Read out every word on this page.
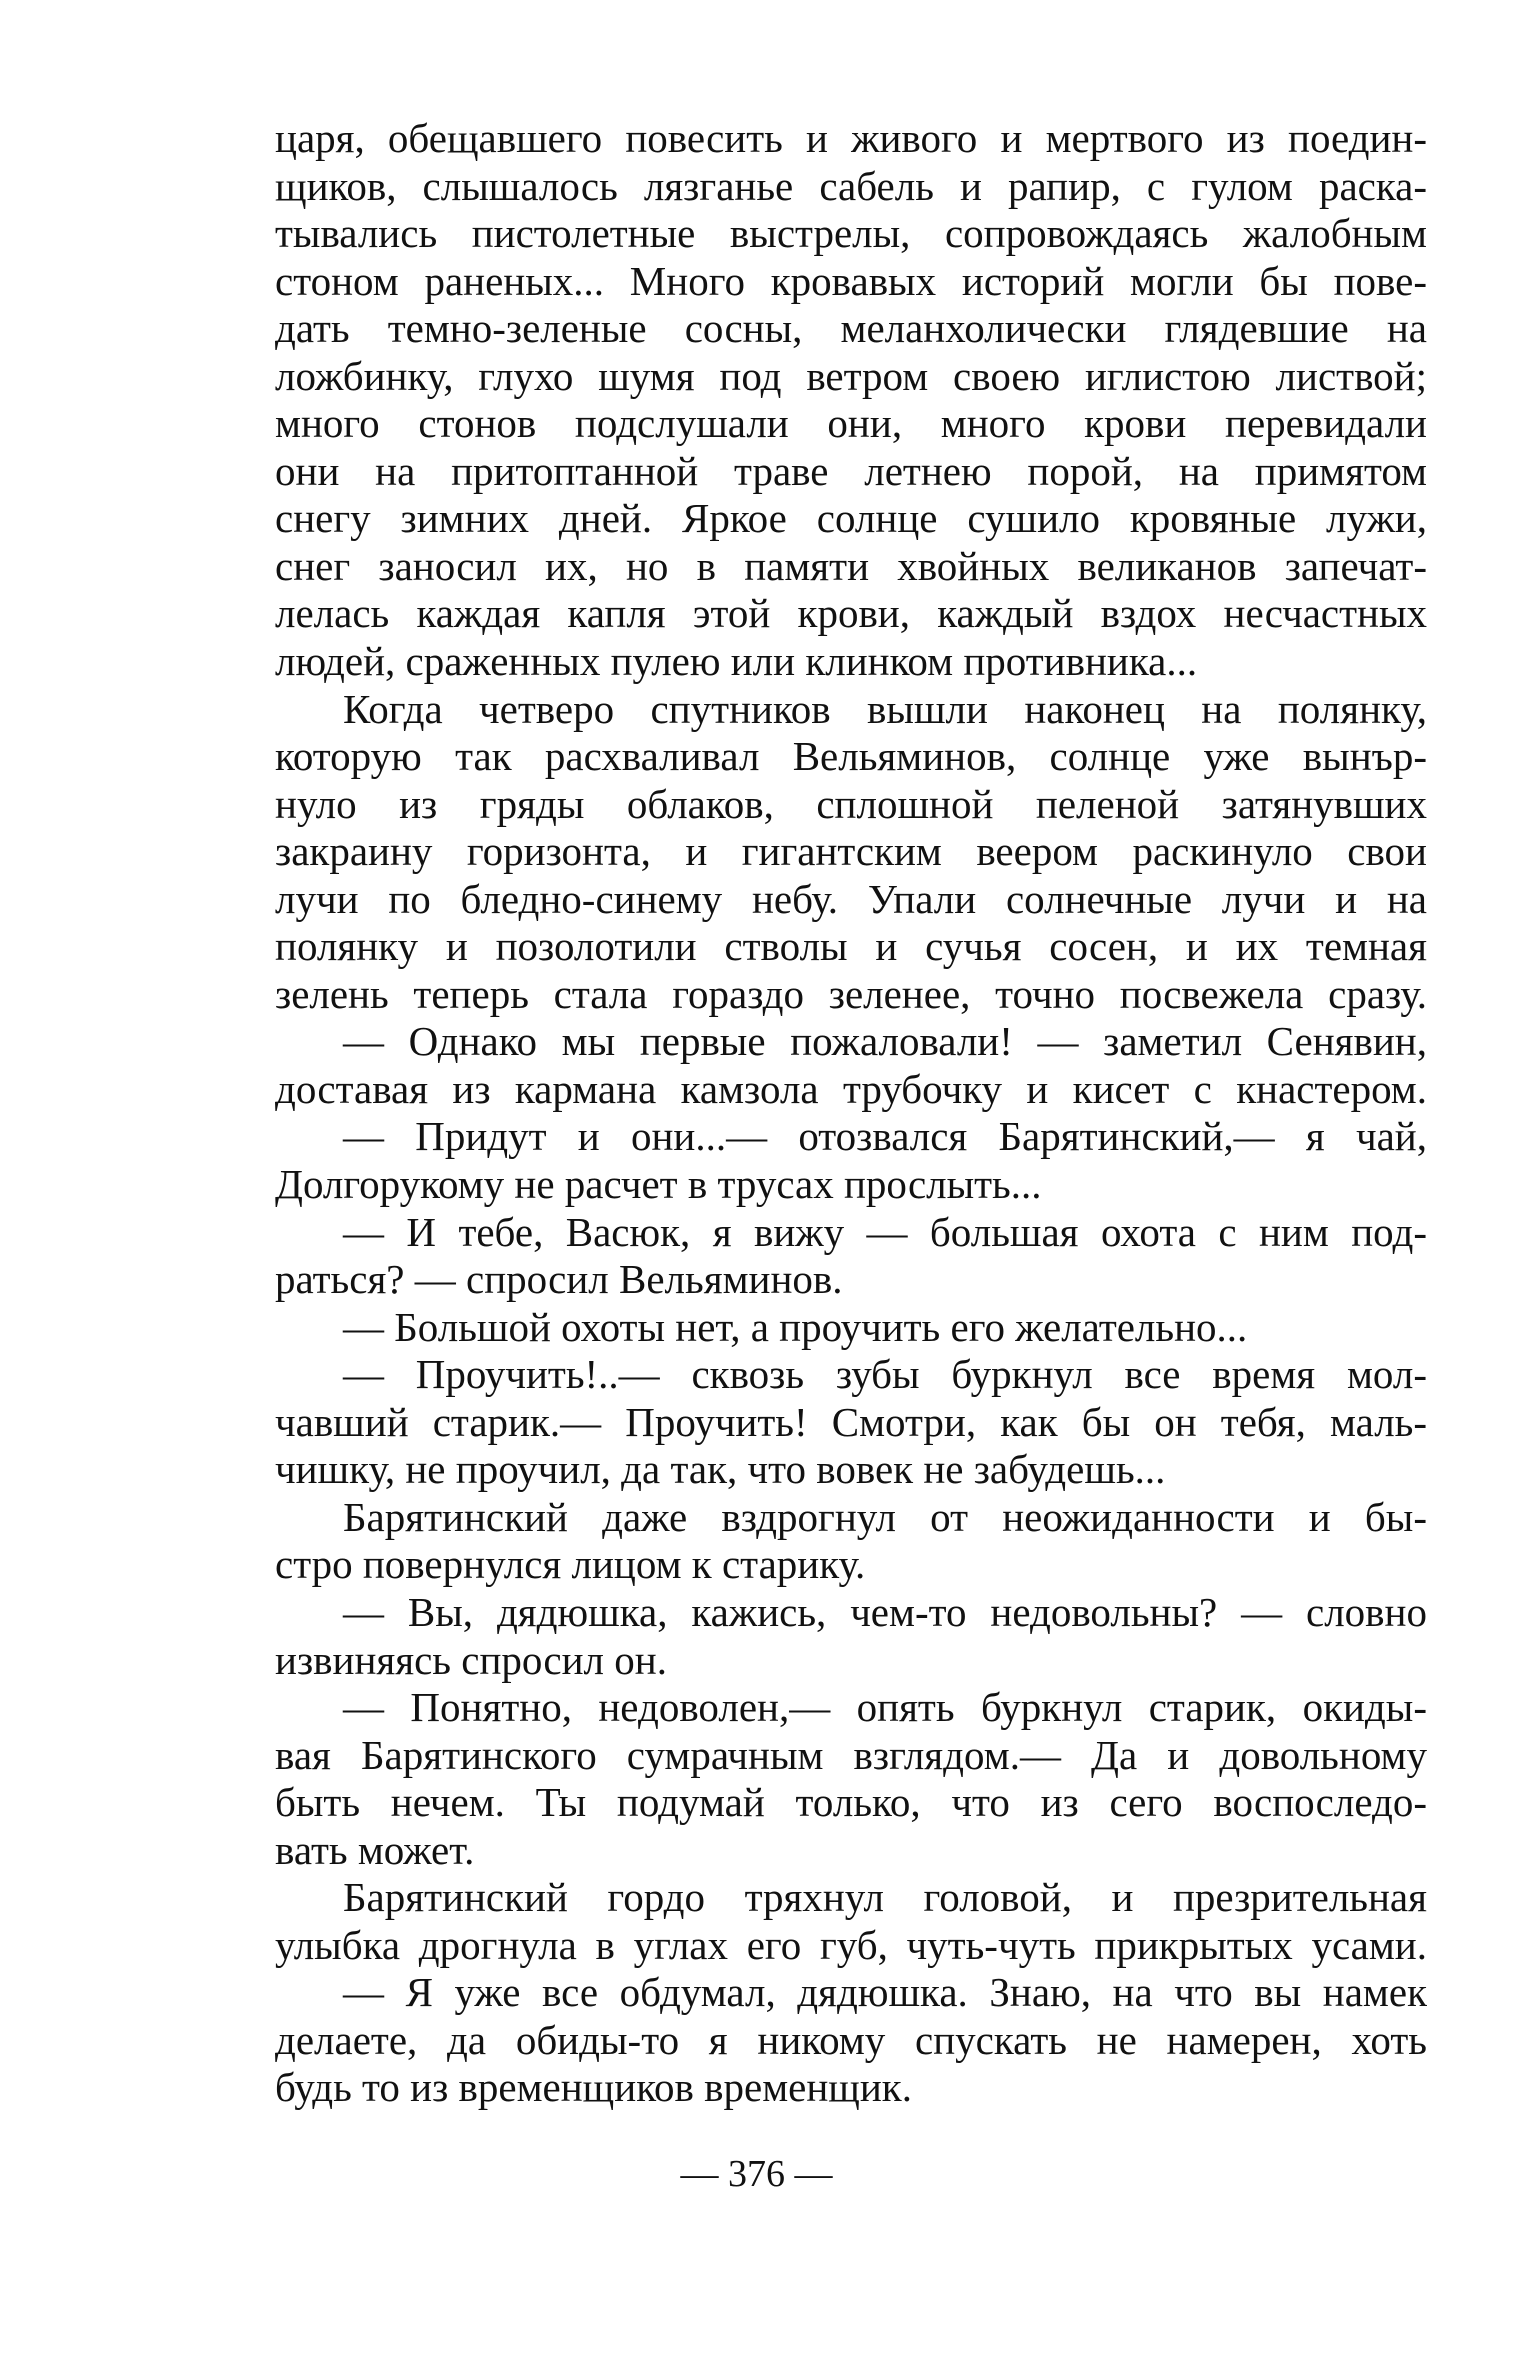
царя, обещавшего повесить и живого и мертвого из поедин-
щиков, слышалось лязганье сабель и рапир, с гулом раска-
тывались пистолетные выстрелы, сопровождаясь жалобным
стоном раненых... Много кровавых историй могли бы пове-
дать темно-зеленые сосны, меланхолически глядевшие на
ложбинку, глухо шумя под ветром своею иглистою листвой;
много стонов подслушали они, много крови перевидали
они на притоптанной траве летнею порой, на примятом
снегу зимних дней. Яркое солнце сушило кровяные лужи,
снег заносил их, но в памяти хвойных великанов запечат-
лелась каждая капля этой крови, каждый вздох несчастных
людей, сраженных пулею или клинком противника...
Когда четверо спутников вышли наконец на полянку,
которую так расхваливал Вельяминов, солнце уже вынър-
нуло из гряды облаков, сплошной пеленой затянувших
закраину горизонта, и гигантским веером раскинуло свои
лучи по бледно-синему небу. Упали солнечные лучи и на
полянку и позолотили стволы и сучья сосен, и их темная
зелень теперь стала гораздо зеленее, точно посвежела сразу.
— Однако мы первые пожаловали! — заметил Сенявин,
доставая из кармана камзола трубочку и кисет с кнастером.
— Придут и они...— отозвался Барятинский,— я чай,
Долгорукому не расчет в трусах прослыть...
— И тебе, Васюк, я вижу — большая охота с ним под-
раться? — спросил Вельяминов.
— Большой охоты нет, а проучить его желательно...
— Проучить!..— сквозь зубы буркнул все время мол-
чавший старик.— Проучить! Смотри, как бы он тебя, маль-
чишку, не проучил, да так, что вовек не забудешь...
Барятинский даже вздрогнул от неожиданности и бы-
стро повернулся лицом к старику.
— Вы, дядюшка, кажись, чем-то недовольны? — словно
извиняясь спросил он.
— Понятно, недоволен,— опять буркнул старик, окиды-
вая Барятинского сумрачным взглядом.— Да и довольному
быть нечем. Ты подумай только, что из сего воспоследо-
вать может.
Барятинский гордо тряхнул головой, и презрительная
улыбка дрогнула в углах его губ, чуть-чуть прикрытых усами.
— Я уже все обдумал, дядюшка. Знаю, на что вы намек
делаете, да обиды-то я никому спускать не намерен, хоть
будь то из временщиков временщик.
— 376 —
